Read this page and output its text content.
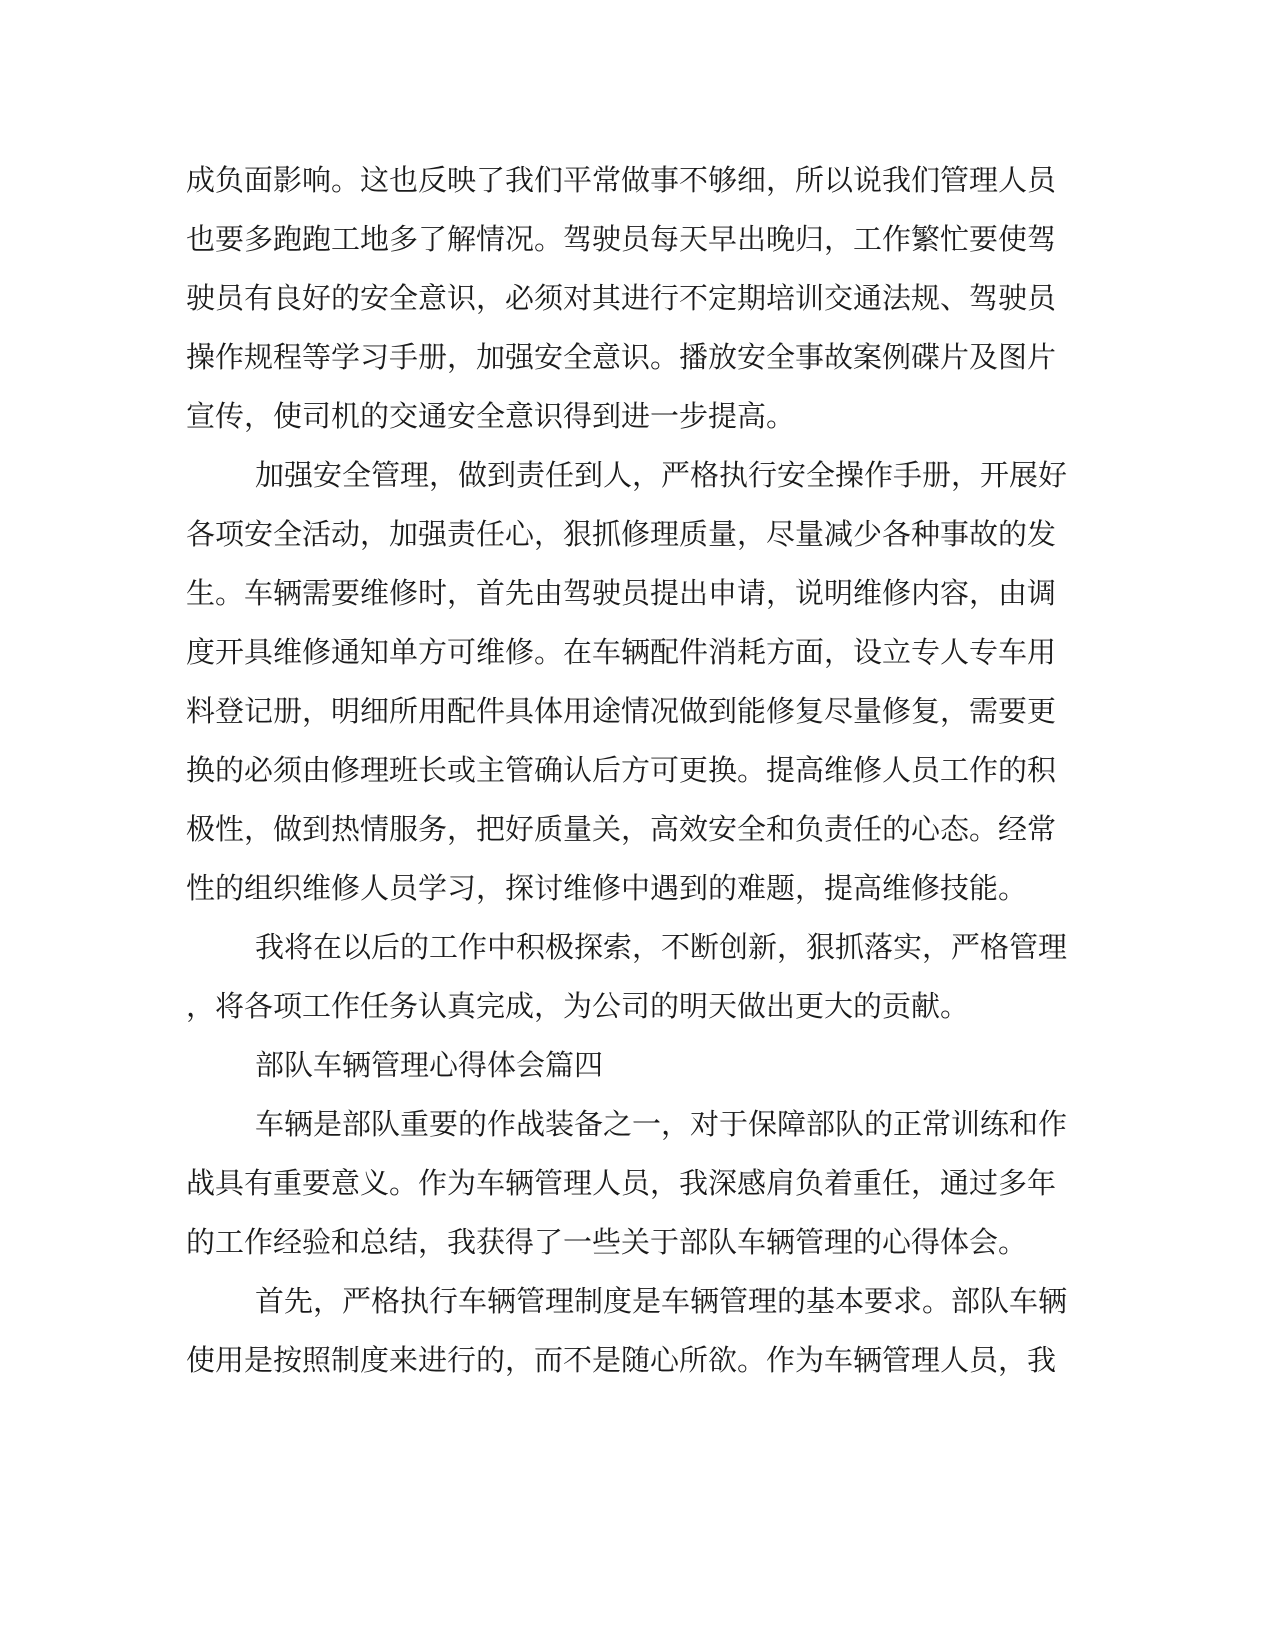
成负面影响。这也反映了我们平常做事不够细，所以说我们管理人员

也要多跑跑工地多了解情况。驾驶员每天早出晚归，工作繁忙要使驾

驶员有良好的安全意识，必须对其进行不定期培训交通法规、驾驶员

操作规程等学习手册，加强安全意识。播放安全事故案例碟片及图片

宣传，使司机的交通安全意识得到进一步提高。

加强安全管理，做到责任到人，严格执行安全操作手册，开展好

各项安全活动，加强责任心，狠抓修理质量，尽量减少各种事故的发

生。车辆需要维修时，首先由驾驶员提出申请，说明维修内容，由调

度开具维修通知单方可维修。在车辆配件消耗方面，设立专人专车用

料登记册，明细所用配件具体用途情况做到能修复尽量修复，需要更

换的必须由修理班长或主管确认后方可更换。提高维修人员工作的积

极性，做到热情服务，把好质量关，高效安全和负责任的心态。经常

性的组织维修人员学习，探讨维修中遇到的难题，提高维修技能。

我将在以后的工作中积极探索，不断创新，狠抓落实，严格管理

，将各项工作任务认真完成，为公司的明天做出更大的贡献。

部队车辆管理心得体会篇四

车辆是部队重要的作战装备之一，对于保障部队的正常训练和作

战具有重要意义。作为车辆管理人员，我深感肩负着重任，通过多年

的工作经验和总结，我获得了一些关于部队车辆管理的心得体会。

首先，严格执行车辆管理制度是车辆管理的基本要求。部队车辆

使用是按照制度来进行的，而不是随心所欲。作为车辆管理人员，我
